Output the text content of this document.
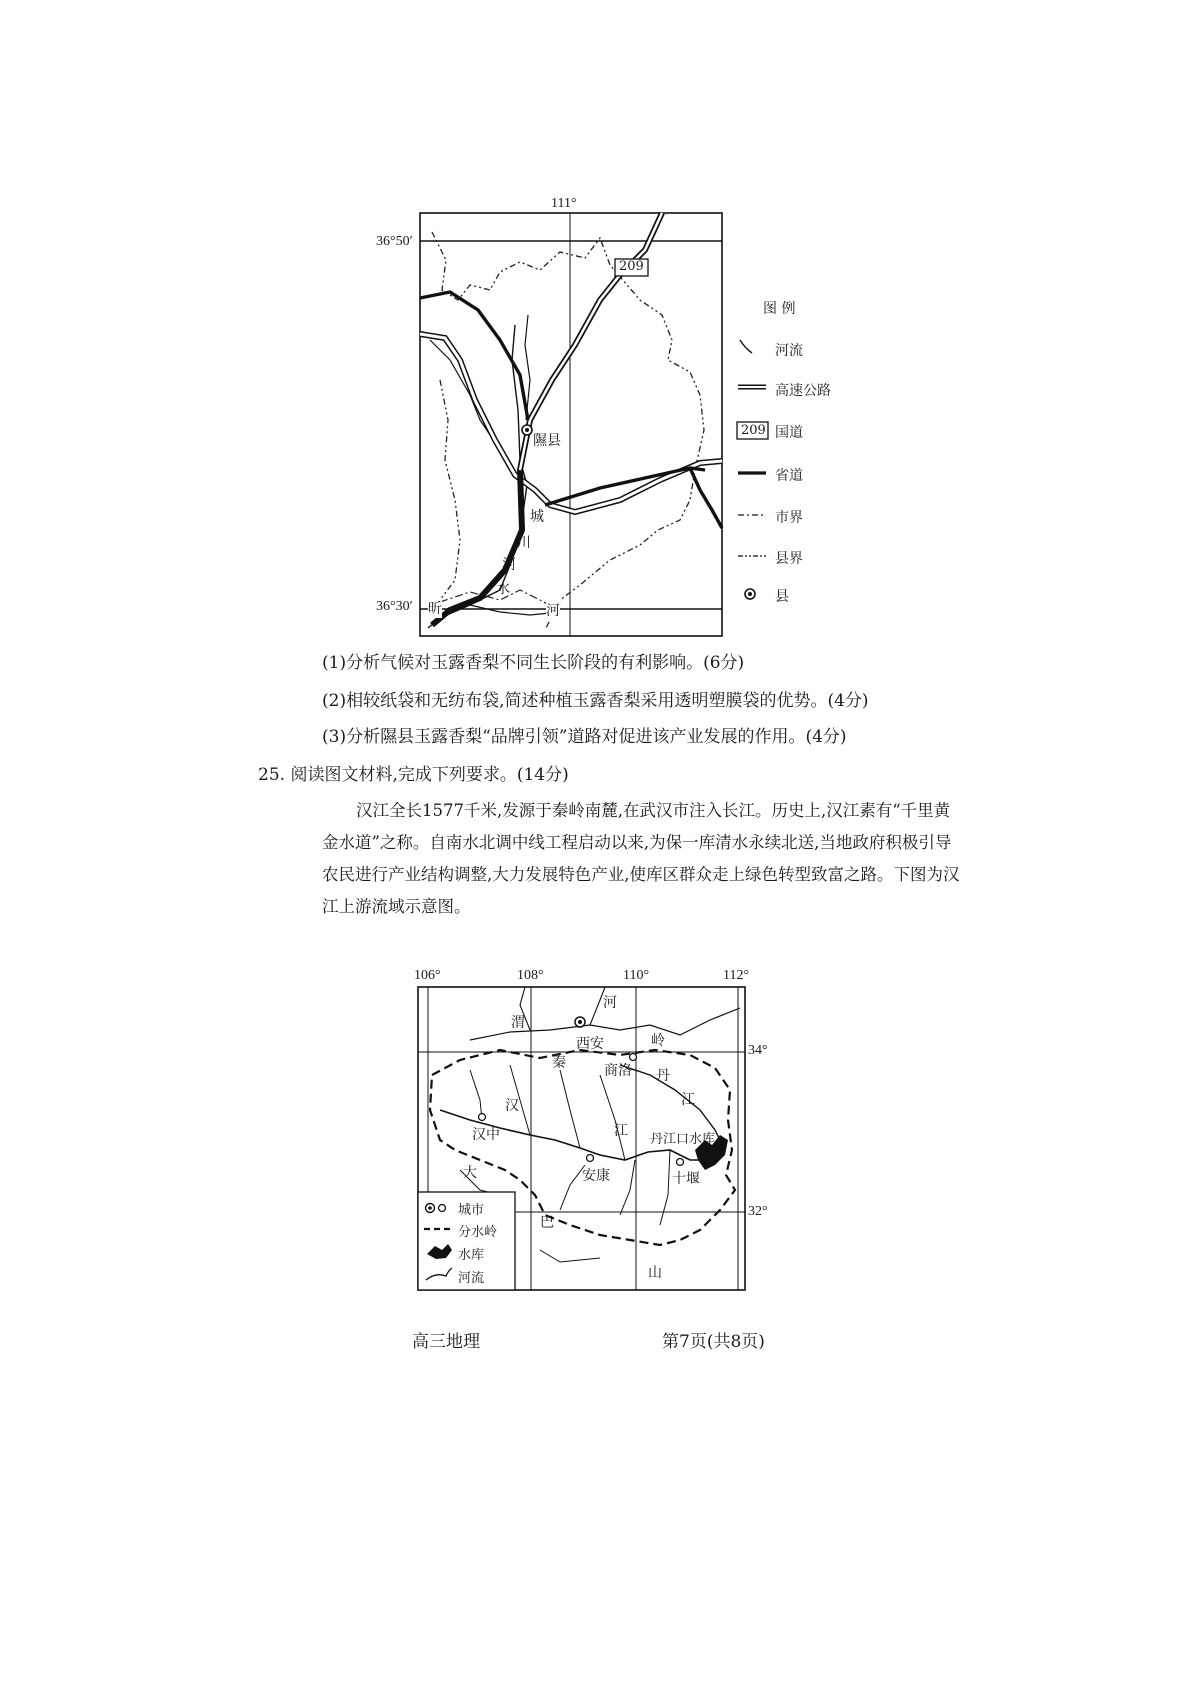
111°
36°50′
36°30′
209
隰县
城
川
河
水
昕	河
图 例
河流
高速公路
209 国道
省道
市界
县界
县
(1)分析气候对玉露香梨不同生长阶段的有利影响。(6分)
(2)相较纸袋和无纺布袋,简述种植玉露香梨采用透明塑膜袋的优势。(4分)
(3)分析隰县玉露香梨“品牌引领”道路对促进该产业发展的作用。(4分)
25. 阅读图文材料,完成下列要求。(14分)
汉江全长1577千米,发源于秦岭南麓,在武汉市注入长江。历史上,汉江素有“千里黄
金水道”之称。自南水北调中线工程启动以来,为保一库清水永续北送,当地政府积极引导
农民进行产业结构调整,大力发展特色产业,使库区群众走上绿色转型致富之路。下图为汉
江上游流域示意图。
106°	108°	110°	112°
34°
32°
河
渭
西安	岭
秦	商洛 丹
江
汉
汉中	江
丹江口水库
大	安康	十堰
巴
山
城市
分水岭
水库
河流
高三地理	第7页(共8页)
